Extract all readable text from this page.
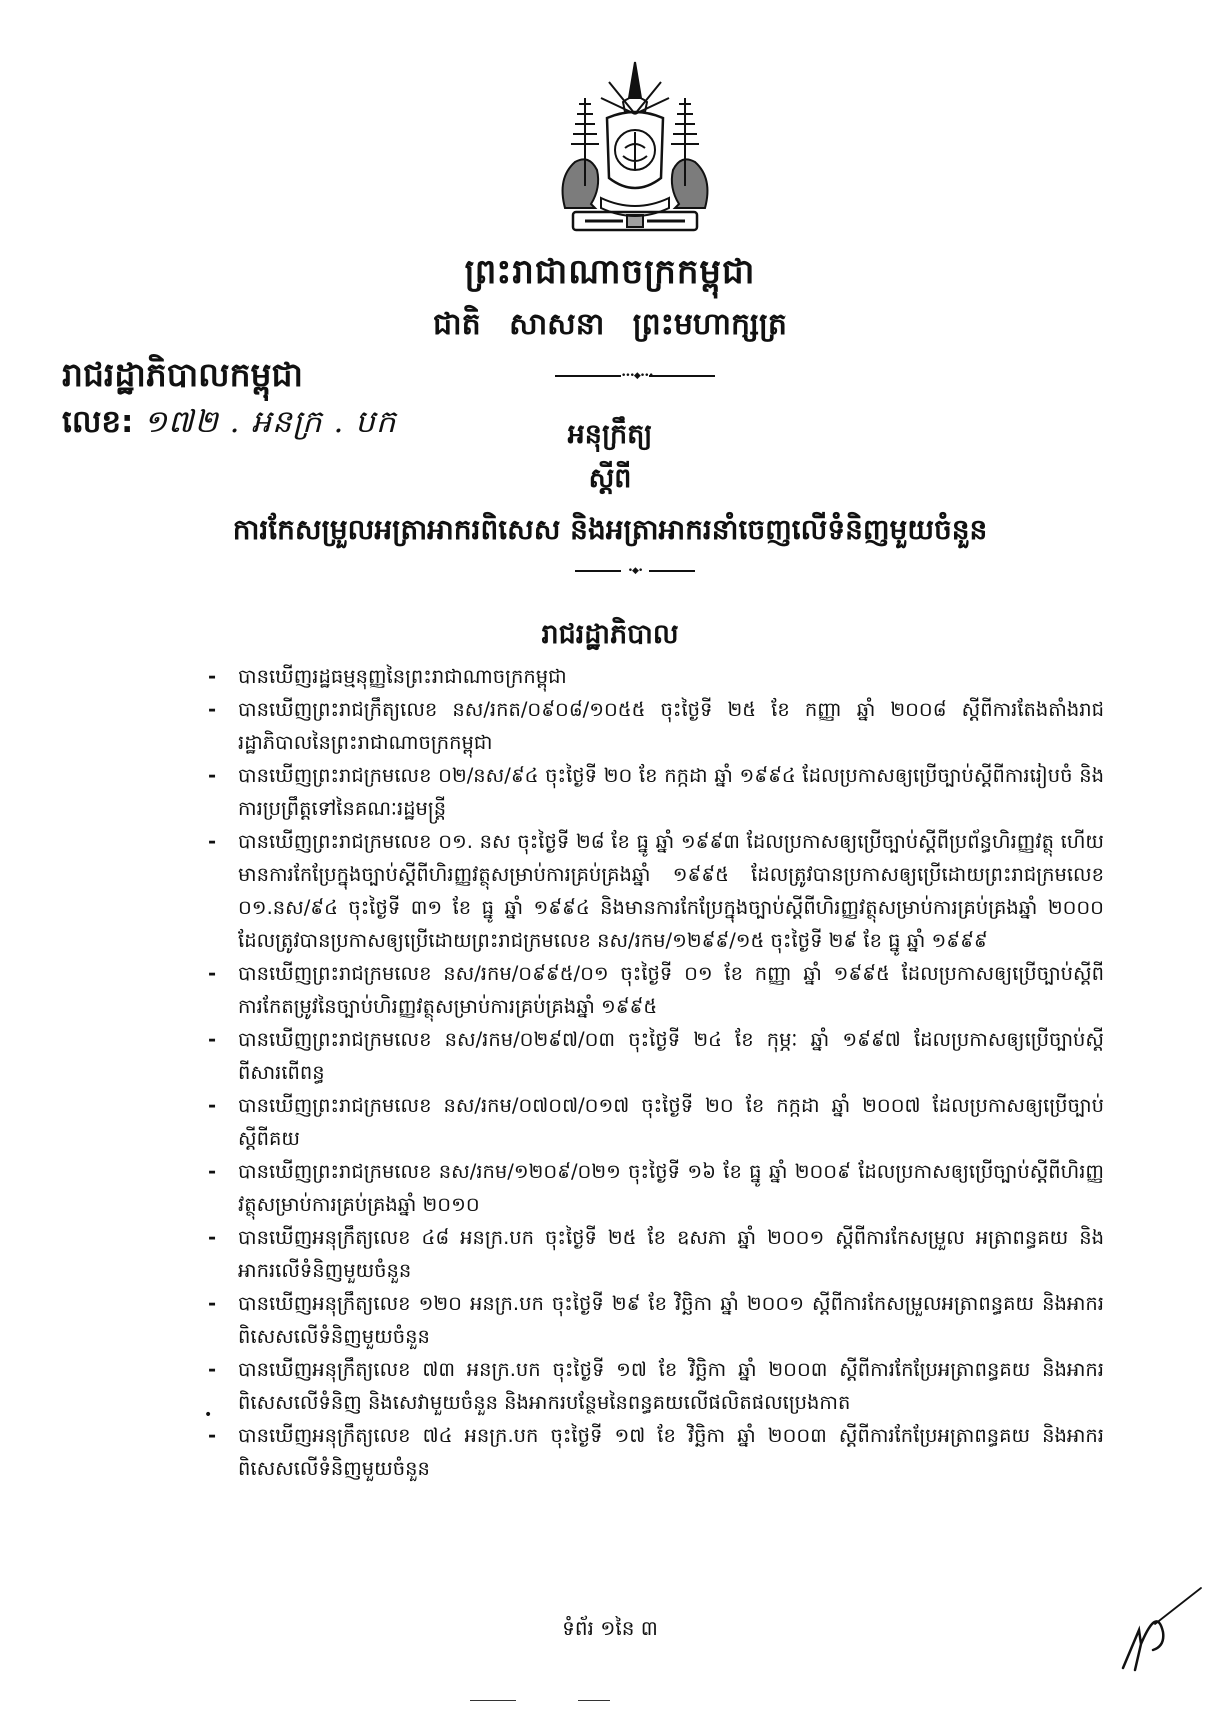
ព្រះរាជាណាចក្រកម្ពុជា
ជាតិ សាសនា ព្រះមហាក្សត្រ
•••◆•••
រាជរដ្ឋាភិបាលកម្ពុជា
លេខ: ១៧២ . អនក្រ . បក	អនុក្រឹត្យ
ស្តីពី
ការកែសម្រួលអត្រាអាករពិសេស និងអត្រាអាករនាំចេញលើទំនិញមួយចំនួន
•◆•
រាជរដ្ឋាភិបាល
- បានឃើញរដ្ឋធម្មនុញ្ញនៃព្រះរាជាណាចក្រកម្ពុជា
- បានឃើញព្រះរាជក្រឹត្យលេខ នស/រកត/០៩០៨/១០៥៥ ចុះថ្ងៃទី ២៥ ខែ កញ្ញា ឆ្នាំ ២០០៨ ស្តីពីការតែងតាំងរាជរដ្ឋាភិបាលនៃព្រះរាជាណាចក្រកម្ពុជា
- បានឃើញព្រះរាជក្រមលេខ ០២/នស/៩៤ ចុះថ្ងៃទី ២០ ខែ កក្កដា ឆ្នាំ ១៩៩៤ ដែលប្រកាសឲ្យប្រើច្បាប់ស្តីពីការរៀបចំ និងការប្រព្រឹត្តទៅនៃគណៈរដ្ឋមន្ត្រី
- បានឃើញព្រះរាជក្រមលេខ ០១. នស ចុះថ្ងៃទី ២៨ ខែ ធ្នូ ឆ្នាំ ១៩៩៣ ដែលប្រកាសឲ្យប្រើច្បាប់ស្តីពីប្រព័ន្ធហិរញ្ញវត្ថុ ហើយមានការកែប្រែក្នុងច្បាប់ស្តីពីហិរញ្ញវត្ថុសម្រាប់ការគ្រប់គ្រងឆ្នាំ ១៩៩៥ ដែលត្រូវបានប្រកាសឲ្យប្រើដោយព្រះរាជក្រមលេខ ០១.នស/៩៤ ចុះថ្ងៃទី ៣១ ខែ ធ្នូ ឆ្នាំ ១៩៩៤ និងមានការកែប្រែក្នុងច្បាប់ស្តីពីហិរញ្ញវត្ថុសម្រាប់ការគ្រប់គ្រងឆ្នាំ ២០០០ ដែលត្រូវបានប្រកាសឲ្យប្រើដោយព្រះរាជក្រមលេខ នស/រកម/១២៩៩/១៥ ចុះថ្ងៃទី ២៩ ខែ ធ្នូ ឆ្នាំ ១៩៩៩
- បានឃើញព្រះរាជក្រមលេខ នស/រកម/០៩៩៥/០១ ចុះថ្ងៃទី ០១ ខែ កញ្ញា ឆ្នាំ ១៩៩៥ ដែលប្រកាសឲ្យប្រើច្បាប់ស្តីពីការកែតម្រូវនៃច្បាប់ហិរញ្ញវត្ថុសម្រាប់ការគ្រប់គ្រងឆ្នាំ ១៩៩៥
- បានឃើញព្រះរាជក្រមលេខ នស/រកម/០២៩៧/០៣ ចុះថ្ងៃទី ២៤ ខែ កុម្ភៈ ឆ្នាំ ១៩៩៧ ដែលប្រកាសឲ្យប្រើច្បាប់ស្តីពីសារពើពន្ធ
- បានឃើញព្រះរាជក្រមលេខ នស/រកម/០៧០៧/០១៧ ចុះថ្ងៃទី ២០ ខែ កក្កដា ឆ្នាំ ២០០៧ ដែលប្រកាសឲ្យប្រើច្បាប់ស្តីពីគយ
- បានឃើញព្រះរាជក្រមលេខ នស/រកម/១២០៩/០២១ ចុះថ្ងៃទី ១៦ ខែ ធ្នូ ឆ្នាំ ២០០៩ ដែលប្រកាសឲ្យប្រើច្បាប់ស្តីពីហិរញ្ញវត្ថុសម្រាប់ការគ្រប់គ្រងឆ្នាំ ២០១០
- បានឃើញអនុក្រឹត្យលេខ ៤៨ អនក្រ.បក ចុះថ្ងៃទី ២៥ ខែ ឧសភា ឆ្នាំ ២០០១ ស្តីពីការកែសម្រួល អត្រាពន្ធគយ និងអាករលើទំនិញមួយចំនួន
- បានឃើញអនុក្រឹត្យលេខ ១២០ អនក្រ.បក ចុះថ្ងៃទី ២៩ ខែ វិច្ឆិកា ឆ្នាំ ២០០១ ស្តីពីការកែសម្រួលអត្រាពន្ធគយ និងអាករពិសេសលើទំនិញមួយចំនួន
- បានឃើញអនុក្រឹត្យលេខ ៧៣ អនក្រ.បក ចុះថ្ងៃទី ១៧ ខែ វិច្ឆិកា ឆ្នាំ ២០០៣ ស្តីពីការកែប្រែអត្រាពន្ធគយ និងអាករពិសេសលើទំនិញ និងសេវាមួយចំនួន និងអាករបន្ថែមនៃពន្ធគយលើផលិតផលប្រេងកាត
- បានឃើញអនុក្រឹត្យលេខ ៧៤ អនក្រ.បក ចុះថ្ងៃទី ១៧ ខែ វិច្ឆិកា ឆ្នាំ ២០០៣ ស្តីពីការកែប្រែអត្រាពន្ធគយ និងអាករពិសេសលើទំនិញមួយចំនួន
•
ទំព័រ ១នៃ ៣
